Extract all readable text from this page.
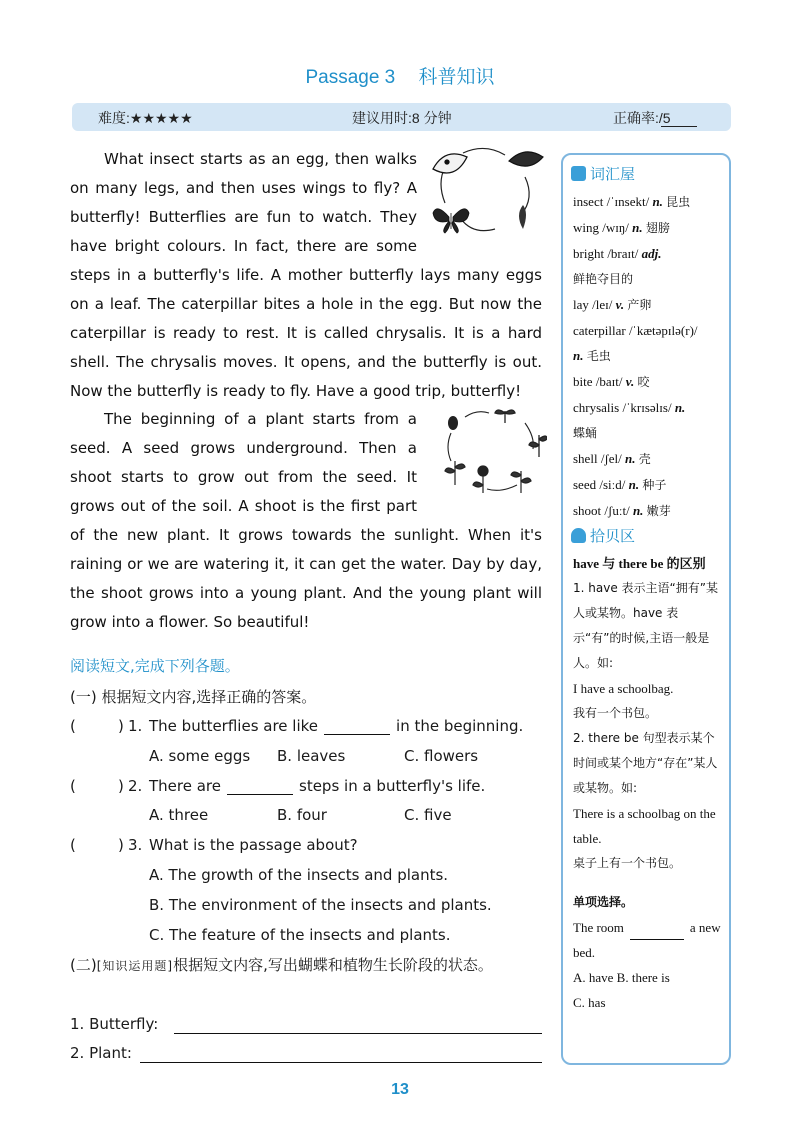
Passage 3 科普知识
难度:★★★★★	建议用时:8 分钟	正确率:
/5
What insect starts as an egg, then walks on many legs, and then uses wings to fly? A butterfly! Butterflies are fun to watch. They have bright colours. In fact, there are some steps in a butterfly's life. A mother butterfly lays many eggs on a leaf. The caterpillar bites a hole in the egg. But now the caterpillar is ready to rest. It is called chrysalis. It is a hard shell. The chrysalis moves. It opens, and the butterfly is out. Now the butterfly is ready to fly. Have a good trip, butterfly!
The beginning of a plant starts from a seed. A seed grows underground. Then a shoot starts to grow out from the seed. It grows out of the soil. A shoot is the first part of the new plant. It grows towards the sunlight. When it's raining or we are watering it, it can get the water. Day by day, the shoot grows into a young plant. And the young plant will grow into a flower. So beautiful!
阅读短文,完成下列各题。
(一) 根据短文内容,选择正确的答案。
(	) 1. The butterflies are like	in the beginning.
A. some eggs B. leaves	C. flowers
(	) 2. There are	steps in a butterfly's life.
A. three	B. four	C. five
(	) 3. What is the passage about?
A. The growth of the insects and plants.
B. The environment of the insects and plants.
C. The feature of the insects and plants.
(二)[知识运用题]根据短文内容,写出蝴蝶和植物生长阶段的状态。
1. Butterfly:
2. Plant:
词汇屋
insect /ˈɪnsekt/ n. 昆虫
wing /wɪŋ/ n. 翅膀
bright /braɪt/ adj.
鲜艳夺目的
lay /leɪ/ v. 产卵
caterpillar /ˈkætəpɪlə(r)/
n. 毛虫
bite /baɪt/ v. 咬
chrysalis /ˈkrɪsəlɪs/ n.
蝶蛹
shell /ʃel/ n. 壳
seed /siːd/ n. 种子
shoot /ʃuːt/ n. 嫩芽
拾贝区
have 与 there be 的区别
1. have 表示主语“拥有”某人或某物。have 表示“有”的时候,主语一般是人。如:
I have a schoolbag.
我有一个书包。
2. there be 句型表示某个时间或某个地方“存在”某人或某物。如:
There is a schoolbag on the table.
桌子上有一个书包。
单项选择。
The room	a new bed.
A. have B. there is
C. has
13
